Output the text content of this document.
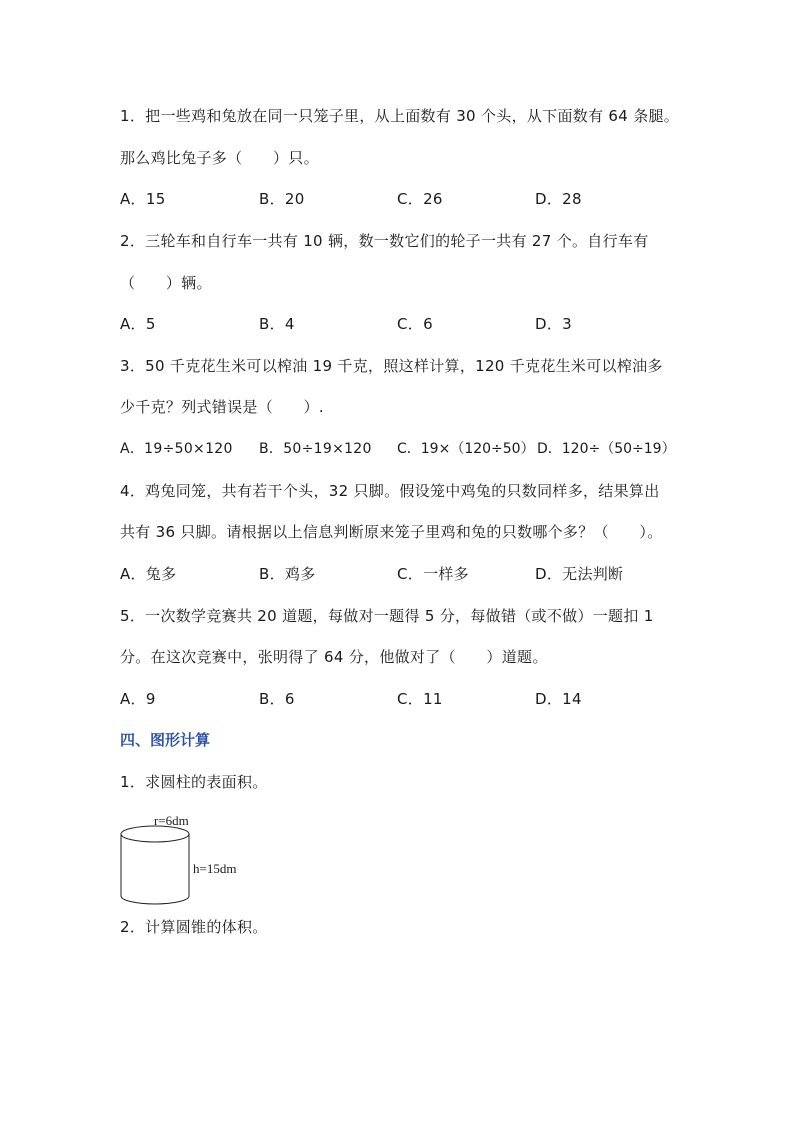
1．把一些鸡和兔放在同一只笼子里，从上面数有 30 个头，从下面数有 64 条腿。
那么鸡比兔子多（　　）只。
A．15	B．20	C．26	D．28
2．三轮车和自行车一共有 10 辆，数一数它们的轮子一共有 27 个。自行车有
（　　）辆。
A．5	B．4	C．6	D．3
3．50 千克花生米可以榨油 19 千克，照这样计算，120 千克花生米可以榨油多
少千克？列式错误是（　　）.
A．19÷50×120 B．50÷19×120 C．19×（120÷50） D．120÷（50÷19）
4．鸡兔同笼，共有若干个头，32 只脚。假设笼中鸡兔的只数同样多，结果算出
共有 36 只脚。请根据以上信息判断原来笼子里鸡和兔的只数哪个多？（　　）。
A．兔多	B．鸡多	C．一样多	D．无法判断
5．一次数学竞赛共 20 道题，每做对一题得 5 分，每做错（或不做）一题扣 1
分。在这次竞赛中，张明得了 64 分，他做对了（　　）道题。
A．9	B．6	C．11	D．14
四、图形计算
1．求圆柱的表面积。
r=6dm
h=15dm
2．计算圆锥的体积。
